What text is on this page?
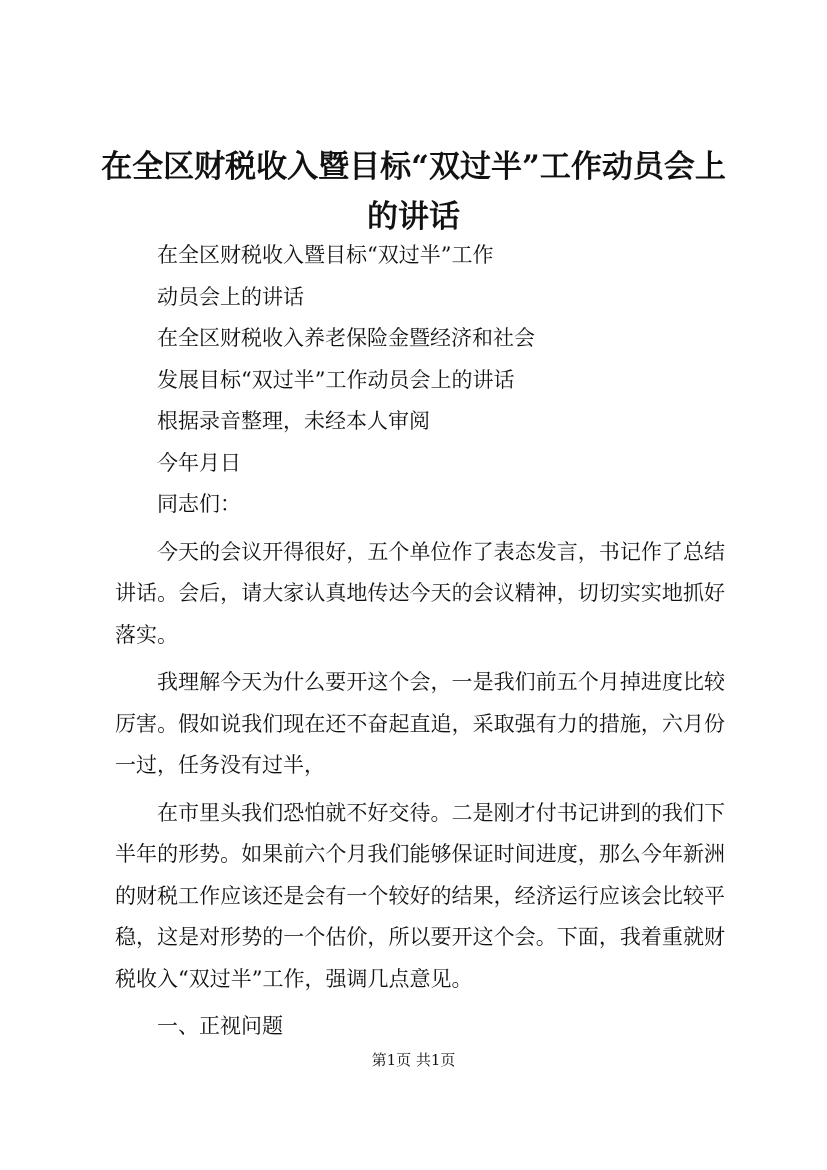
在全区财税收入暨目标“双过半”工作动员会上的讲话

在全区财税收入暨目标“双过半”工作

动员会上的讲话

在全区财税收入养老保险金暨经济和社会

发展目标“双过半”工作动员会上的讲话

根据录音整理，未经本人审阅

今年月日

同志们：

今天的会议开得很好，五个单位作了表态发言，书记作了总结讲话。会后，请大家认真地传达今天的会议精神，切切实实地抓好落实。

我理解今天为什么要开这个会，一是我们前五个月掉进度比较厉害。假如说我们现在还不奋起直追，采取强有力的措施，六月份一过，任务没有过半，

在市里头我们恐怕就不好交待。二是刚才付书记讲到的我们下半年的形势。如果前六个月我们能够保证时间进度，那么今年新洲的财税工作应该还是会有一个较好的结果，经济运行应该会比较平稳，这是对形势的一个估价，所以要开这个会。下面，我着重就财税收入“双过半”工作，强调几点意见。

一、正视问题

第1页 共1页
